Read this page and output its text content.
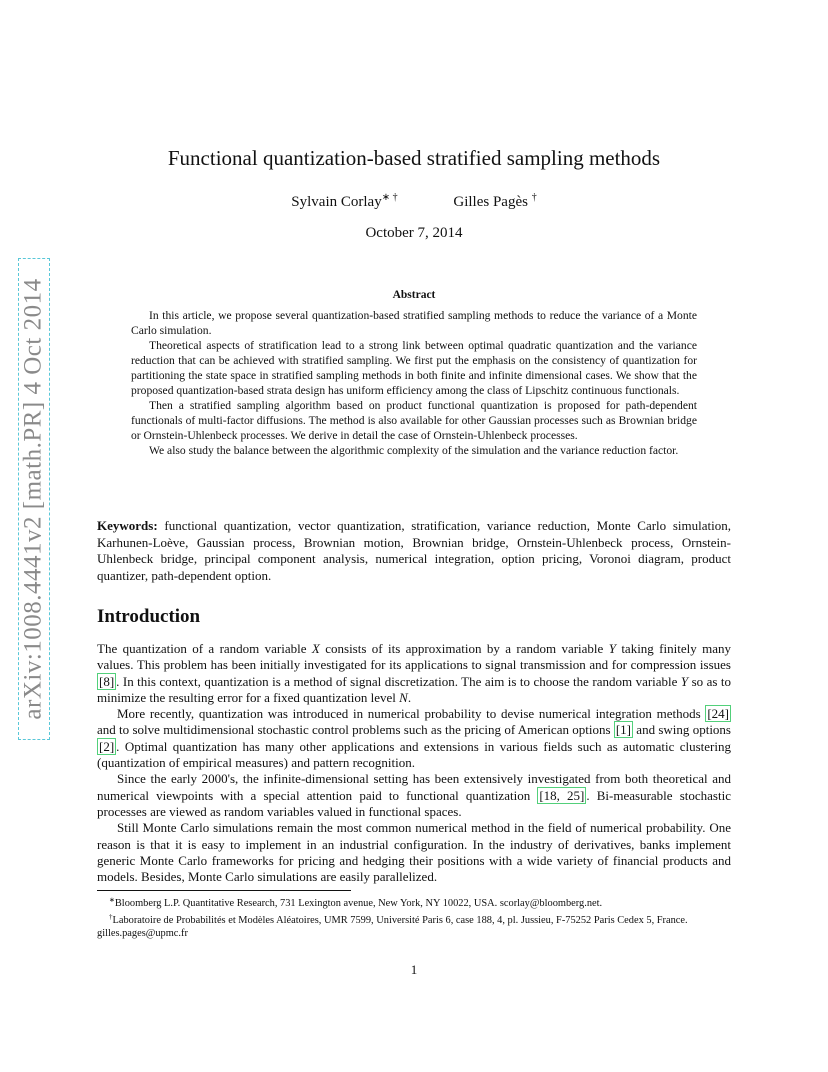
arXiv:1008.4441v2 [math.PR] 4 Oct 2014
Functional quantization-based stratified sampling methods
Sylvain Corlay∗ †	Gilles Pagès †
October 7, 2014
Abstract

In this article, we propose several quantization-based stratified sampling methods to reduce the variance of a Monte Carlo simulation.

Theoretical aspects of stratification lead to a strong link between optimal quadratic quantization and the variance reduction that can be achieved with stratified sampling. We first put the emphasis on the consistency of quantization for partitioning the state space in stratified sampling methods in both finite and infinite dimensional cases. We show that the proposed quantization-based strata design has uniform efficiency among the class of Lipschitz continuous functionals.

Then a stratified sampling algorithm based on product functional quantization is proposed for path-dependent functionals of multi-factor diffusions. The method is also available for other Gaussian processes such as Brownian bridge or Ornstein-Uhlenbeck processes. We derive in detail the case of Ornstein-Uhlenbeck processes.

We also study the balance between the algorithmic complexity of the simulation and the variance reduction factor.

Keywords: functional quantization, vector quantization, stratification, variance reduction, Monte Carlo simulation, Karhunen-Loève, Gaussian process, Brownian motion, Brownian bridge, Ornstein-Uhlenbeck process, Ornstein-Uhlenbeck bridge, principal component analysis, numerical integration, option pricing, Voronoi diagram, product quantizer, path-dependent option.

Introduction

The quantization of a random variable X consists of its approximation by a random variable Y taking finitely many values. This problem has been initially investigated for its applications to signal transmission and for compression issues [8] . In this context, quantization is a method of signal discretization. The aim is to choose the random variable Y so as to minimize the resulting error for a fixed quantization level N.

More recently, quantization was introduced in numerical probability to devise numerical integration methods [24] and to solve multidimensional stochastic control problems such as the pricing of American options [1] and swing options [2] . Optimal quantization has many other applications and extensions in various fields such as automatic clustering (quantization of empirical measures) and pattern recognition.

Since the early 2000's, the infinite-dimensional setting has been extensively investigated from both theoretical and numerical viewpoints with a special attention paid to functional quantization [18, 25] . Bi-measurable stochastic processes are viewed as random variables valued in functional spaces.

Still Monte Carlo simulations remain the most common numerical method in the field of numerical probability. One reason is that it is easy to implement in an industrial configuration. In the industry of derivatives, banks implement generic Monte Carlo frameworks for pricing and hedging their positions with a wide variety of financial products and models. Besides, Monte Carlo simulations are easily parallelized.

∗Bloomberg L.P. Quantitative Research, 731 Lexington avenue, New York, NY 10022, USA. scorlay@bloomberg.net.

†Laboratoire de Probabilités et Modèles Aléatoires, UMR 7599, Université Paris 6, case 188, 4, pl. Jussieu, F-75252 Paris Cedex 5, France. gilles.pages@upmc.fr

1
